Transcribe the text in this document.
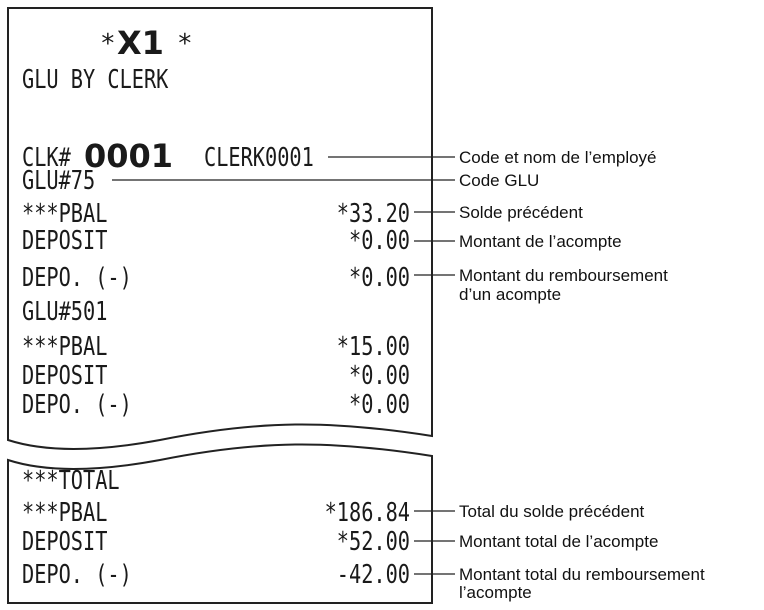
* X1 *
GLU BY CLERK
CLK# 0001 CLERK0001
GLU#75
***PBAL	*33.20
DEPOSIT	*0.00
DEPO. (-)	*0.00
GLU#501
***PBAL	*15.00
DEPOSIT	*0.00
DEPO. (-)	*0.00
***TOTAL
***PBAL	*186.84
DEPOSIT	*52.00
DEPO. (-)	-42.00
Code et nom de l’employé
Code GLU
Solde précédent
Montant de l’acompte
Montant du remboursement
d’un acompte
Total du solde précédent
Montant total de l’acompte
Montant total du remboursement
l’acompte
